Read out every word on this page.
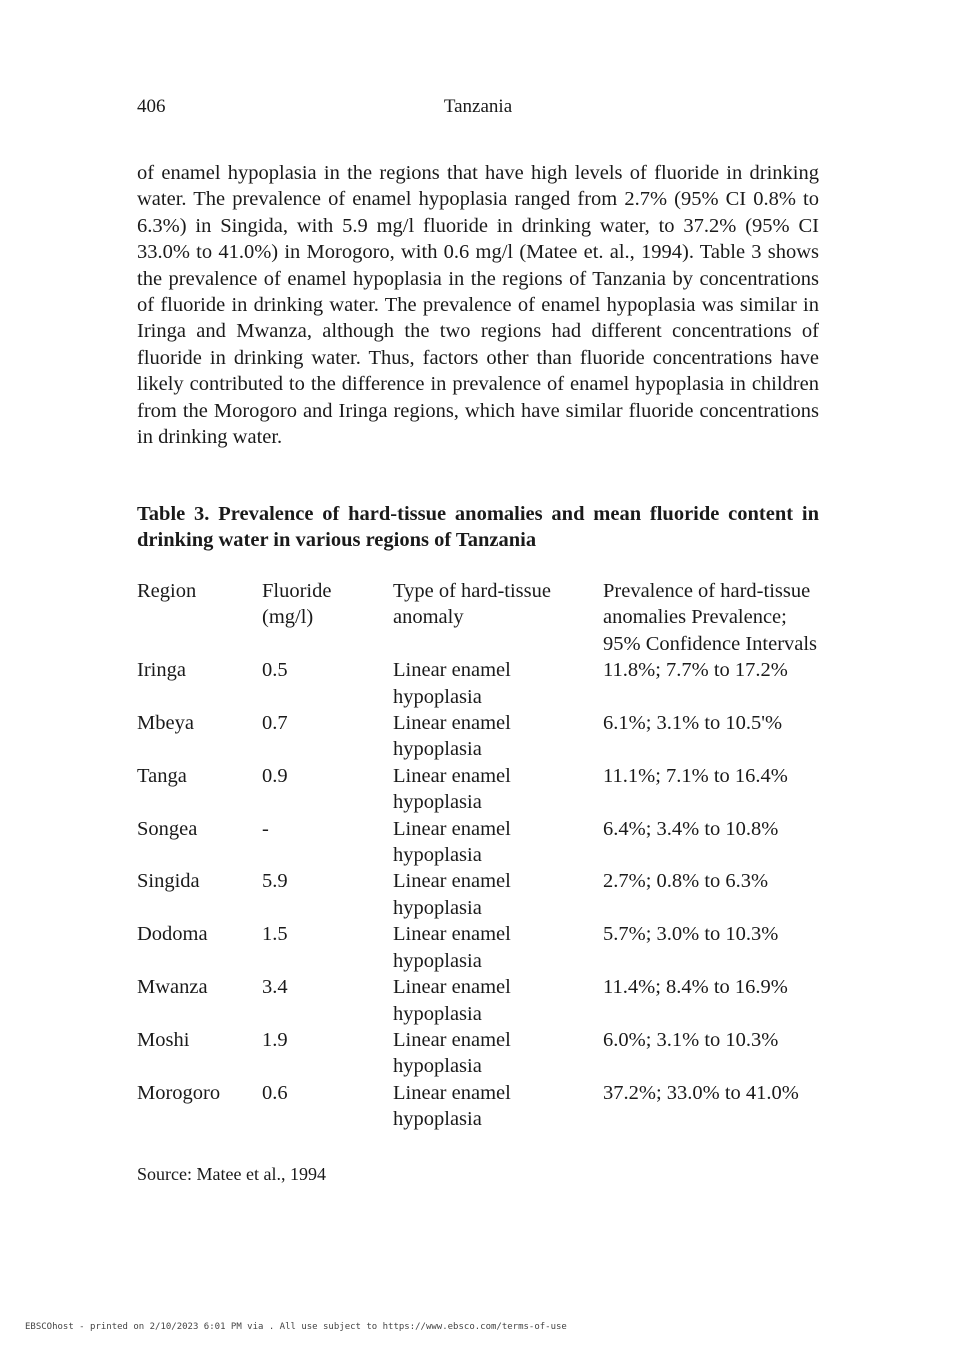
406	Tanzania

of enamel hypoplasia in the regions that have high levels of fluoride in drinking water. The prevalence of enamel hypoplasia ranged from 2.7% (95% CI 0.8% to 6.3%) in Singida, with 5.9 mg/l fluoride in drinking water, to 37.2% (95% CI 33.0% to 41.0%) in Morogoro, with 0.6 mg/l (Matee et. al., 1994). Table 3 shows the prevalence of enamel hypoplasia in the regions of Tanzania by concentrations of fluoride in drinking water. The prevalence of enamel hypoplasia was similar in Iringa and Mwanza, although the two regions had different concentrations of fluoride in drinking water. Thus, factors other than fluoride concentrations have likely contributed to the difference in prevalence of enamel hypoplasia in children from the Morogoro and Iringa regions, which have similar fluoride concentrations in drinking water.

Table 3. Prevalence of hard-tissue anomalies and mean fluoride content in drinking water in various regions of Tanzania

Region	Fluoride (mg/l)	Type of hard-tissue anomaly	Prevalence of hard-tissue anomalies Prevalence; 95% Confidence Intervals
Iringa	0.5	Linear enamel hypoplasia	11.8%; 7.7% to 17.2%
Mbeya	0.7	Linear enamel hypoplasia	6.1%; 3.1% to 10.5'%
Tanga	0.9	Linear enamel hypoplasia	11.1%; 7.1% to 16.4%
Songea	-	Linear enamel hypoplasia	6.4%; 3.4% to 10.8%
Singida	5.9	Linear enamel hypoplasia	2.7%; 0.8% to 6.3%
Dodoma	1.5	Linear enamel hypoplasia	5.7%; 3.0% to 10.3%
Mwanza	3.4	Linear enamel hypoplasia	11.4%; 8.4% to 16.9%
Moshi	1.9	Linear enamel hypoplasia	6.0%; 3.1% to 10.3%
Morogoro	0.6	Linear enamel hypoplasia	37.2%; 33.0% to 41.0%
Source: Matee et al., 1994
EBSCOhost - printed on 2/10/2023 6:01 PM via . All use subject to https://www.ebsco.com/terms-of-use
